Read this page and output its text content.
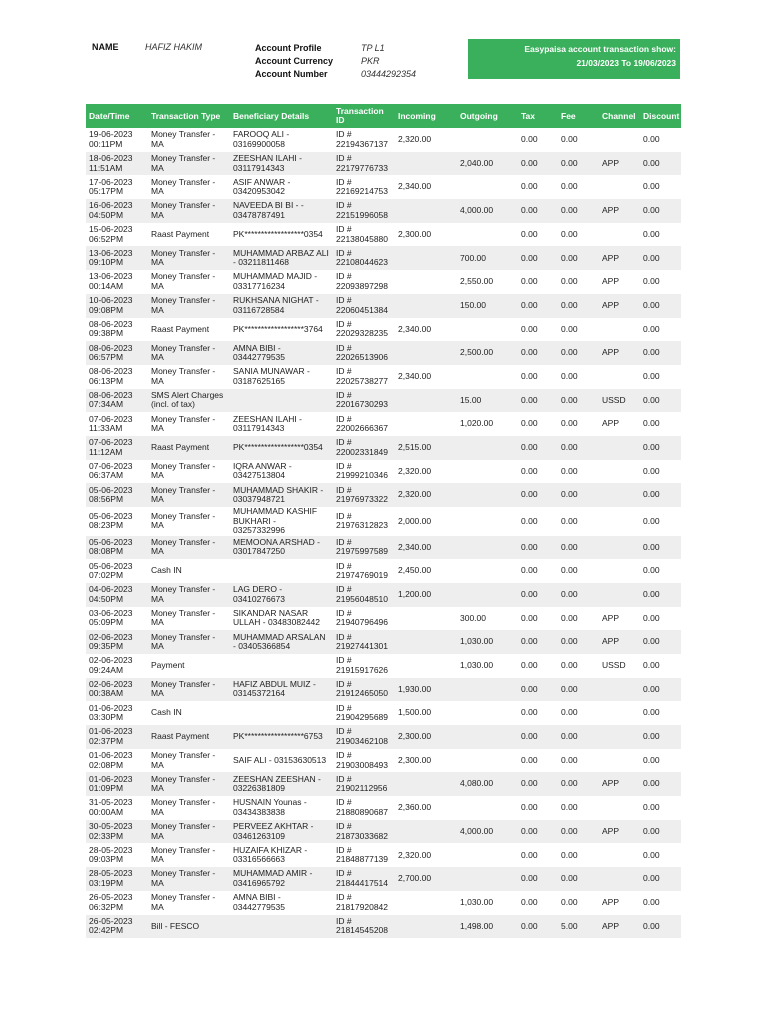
NAME	HAFIZ HAKIM	Account Profile	TP L1
Account Currency	PKR
Account Number	03444292354
Easypaisa account transaction show:
21/03/2023 To 19/06/2023
Date/Time	Transaction Type	Beneficiary Details	Transaction ID	Incoming	Outgoing	Tax	Fee	Channel	Discount
19-06-2023 00:11PM	Money Transfer - MA	FAROOQ ALI - 03169900058	ID # 22194367137	2,320.00		0.00	0.00		0.00
18-06-2023 11:51AM	Money Transfer - MA	ZEESHAN ILAHI - 03117914343	ID # 22179776733		2,040.00	0.00	0.00	APP	0.00
17-06-2023 05:17PM	Money Transfer - MA	ASIF ANWAR - 03420953042	ID # 22169214753	2,340.00		0.00	0.00		0.00
16-06-2023 04:50PM	Money Transfer - MA	NAVEEDA BI BI - - 03478787491	ID # 22151996058		4,000.00	0.00	0.00	APP	0.00
15-06-2023 06:52PM	Raast Payment	PK******************0354	ID # 22138045880	2,300.00		0.00	0.00		0.00
13-06-2023 09:10PM	Money Transfer - MA	MUHAMMAD ARBAZ ALI - 03211811468	ID # 22108044623		700.00	0.00	0.00	APP	0.00
13-06-2023 00:14AM	Money Transfer - MA	MUHAMMAD MAJID - 03317716234	ID # 22093897298		2,550.00	0.00	0.00	APP	0.00
10-06-2023 09:08PM	Money Transfer - MA	RUKHSANA NIGHAT - 03116728584	ID # 22060451384		150.00	0.00	0.00	APP	0.00
08-06-2023 09:38PM	Raast Payment	PK******************3764	ID # 22029328235	2,340.00		0.00	0.00		0.00
08-06-2023 06:57PM	Money Transfer - MA	AMNA BIBI - 03442779535	ID # 22026513906		2,500.00	0.00	0.00	APP	0.00
08-06-2023 06:13PM	Money Transfer - MA	SANIA MUNAWAR - 03187625165	ID # 22025738277	2,340.00		0.00	0.00		0.00
08-06-2023 07:34AM	SMS Alert Charges (incl. of tax)		ID # 22016730293		15.00	0.00	0.00	USSD	0.00
07-06-2023 11:33AM	Money Transfer - MA	ZEESHAN ILAHI - 03117914343	ID # 22002666367		1,020.00	0.00	0.00	APP	0.00
07-06-2023 11:12AM	Raast Payment	PK******************0354	ID # 22002331849	2,515.00		0.00	0.00		0.00
07-06-2023 06:37AM	Money Transfer - MA	IQRA ANWAR - 03427513804	ID # 21999210346	2,320.00		0.00	0.00		0.00
05-06-2023 08:56PM	Money Transfer - MA	MUHAMMAD SHAKIR - 03037948721	ID # 21976973322	2,320.00		0.00	0.00		0.00
05-06-2023 08:23PM	Money Transfer - MA	MUHAMMAD KASHIF BUKHARI - 03257332996	ID # 21976312823	2,000.00		0.00	0.00		0.00
05-06-2023 08:08PM	Money Transfer - MA	MEMOONA ARSHAD - 03017847250	ID # 21975997589	2,340.00		0.00	0.00		0.00
05-06-2023 07:02PM	Cash IN		ID # 21974769019	2,450.00		0.00	0.00		0.00
04-06-2023 04:50PM	Money Transfer - MA	LAG DERO - 03410276673	ID # 21956048510	1,200.00		0.00	0.00		0.00
03-06-2023 05:09PM	Money Transfer - MA	SIKANDAR NASAR ULLAH - 03483082442	ID # 21940796496		300.00	0.00	0.00	APP	0.00
02-06-2023 09:35PM	Money Transfer - MA	MUHAMMAD ARSALAN - 03405366854	ID # 21927441301		1,030.00	0.00	0.00	APP	0.00
02-06-2023 09:24AM	Payment		ID # 21915917626		1,030.00	0.00	0.00	USSD	0.00
02-06-2023 00:38AM	Money Transfer - MA	HAFIZ ABDUL MUIZ - 03145372164	ID # 21912465050	1,930.00		0.00	0.00		0.00
01-06-2023 03:30PM	Cash IN		ID # 21904295689	1,500.00		0.00	0.00		0.00
01-06-2023 02:37PM	Raast Payment	PK******************6753	ID # 21903462108	2,300.00		0.00	0.00		0.00
01-06-2023 02:08PM	Money Transfer - MA	SAIF ALI - 03153630513	ID # 21903008493	2,300.00		0.00	0.00		0.00
01-06-2023 01:09PM	Money Transfer - MA	ZEESHAN ZEESHAN - 03226381809	ID # 21902112956		4,080.00	0.00	0.00	APP	0.00
31-05-2023 00:00AM	Money Transfer - MA	HUSNAIN Younas - 03434383838	ID # 21880890687	2,360.00		0.00	0.00		0.00
30-05-2023 02:33PM	Money Transfer - MA	PERVEEZ AKHTAR - 03461263109	ID # 21873033682		4,000.00	0.00	0.00	APP	0.00
28-05-2023 09:03PM	Money Transfer - MA	HUZAIFA KHIZAR - 03316566663	ID # 21848877139	2,320.00		0.00	0.00		0.00
28-05-2023 03:19PM	Money Transfer - MA	MUHAMMAD AMIR - 03416965792	ID # 21844417514	2,700.00		0.00	0.00		0.00
26-05-2023 06:32PM	Money Transfer - MA	AMNA BIBI - 03442779535	ID # 21817920842		1,030.00	0.00	0.00	APP	0.00
26-05-2023 02:42PM	Bill - FESCO		ID # 21814545208		1,498.00	0.00	5.00	APP	0.00
